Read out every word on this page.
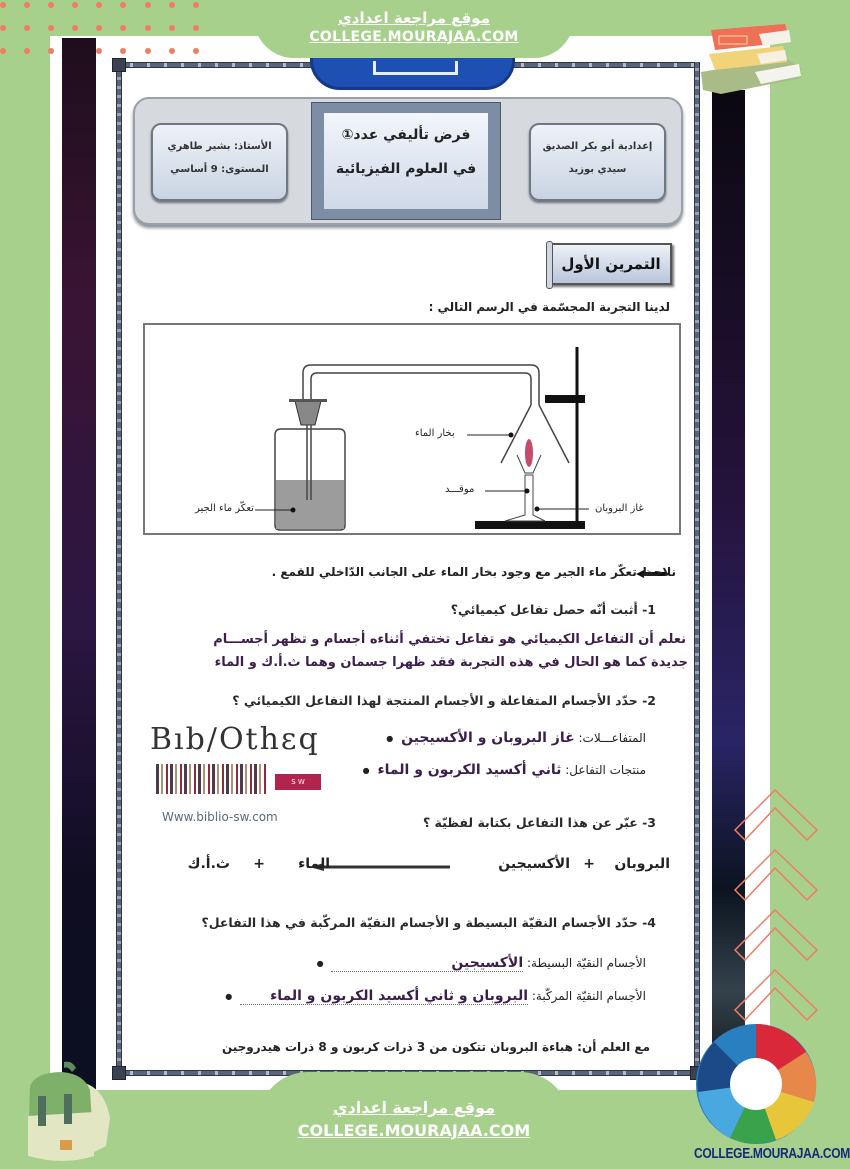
موقع مراجعة اعدادي
COLLEGE.MOURAJAA.COM
الأستاذ: بشير طاهري
المستوى: 9 أساسي
فرض تأليفي عدد①
في العلوم الفيزيائية
إعدادية أبو بكر الصديق
سيدي بوزيد
التمرين الأول
لدينا التجربة المجسّمة في الرسم التالي :
تعكّر ماء الجير
بخار الماء
موقـــد
غاز البروبان
نلاحظ تعكّر ماء الجير مع وجود بخار الماء على الجانب الدّاخلي للقمع .
1- أثبت أنّه حصل تفاعل كيميائي؟
نعلم أن التفاعل الكيميائي هو تفاعل تختفي أثناءه أجسام و تظهر أجســـام
جديدة كما هو الحال في هذه التجربة فقد ظهرا جسمان وهما ث.أ.ك و الماء
2- حدّد الأجسام المتفاعلة و الأجسام المنتجة لهذا التفاعل الكيميائي ؟
المتفاعـــلات: غاز البروبان و الأكسيجين ●
منتجات التفاعل: ثاني أكسيد الكربون و الماء ●
Bıb/Othεq
S W
Www.biblio-sw.com	3- عبّر عن هذا التفاعل بكتابة لفظيّة ؟
البروبان
+
الأكسيجين
الماء
+
ث.أ.ك
4- حدّد الأجسام النقيّة البسيطة و الأجسام النقيّة المركّبة في هذا التفاعل؟
الأجسام النقيّة البسيطة: الأكسيجين ●
الأجسام النقيّة المركّبة: البروبان و ثاني أكسيد الكربون و الماء ●
مع العلم أن: هباءة البروبان تتكون من 3 ذرات كربون و 8 ذرات هيدروجين
COLLEGE.MOURAJAA.COM
موقع مراجعة اعدادي
COLLEGE.MOURAJAA.COM
